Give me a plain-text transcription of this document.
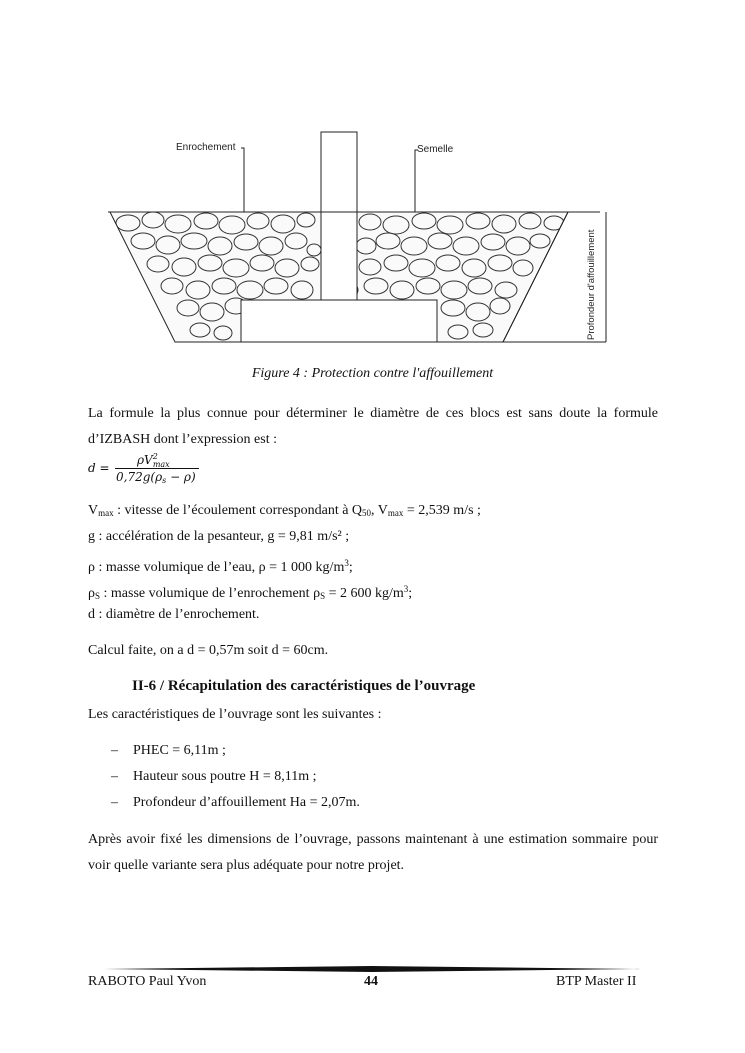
Enrochement	Semelle
Profondeur d'affouillement
Figure 4 : Protection contre l'affouillement
La formule la plus connue pour déterminer le diamètre de ces blocs est sans doute la formule d’IZBASH dont l’expression est :
d =
$\rho V^2_{max}$
$0,72g(\rho_s - \rho)$
$V_{max}$ : vitesse de l’écoulement correspondant à $Q_{50}$, $V_{max} = 2,539$ m/s ;
g : accélération de la pesanteur, g = 9,81 m/s² ;
ρ : masse volumique de l’eau, ρ = 1 000 $kg/m^3$;
$\rho_S$ : masse volumique de l’enrochement $\rho_S = 2$ 600 $kg/m^3$;
d : diamètre de l’enrochement.
Calcul faite, on a d = 0,57m soit d = 60cm.
II-6 / Récapitulation des caractéristiques de l’ouvrage
Les caractéristiques de l’ouvrage sont les suivantes :
– PHEC = 6,11m ;
– Hauteur sous poutre H = 8,11m ;
– Profondeur d’affouillement Ha = 2,07m.
Après avoir fixé les dimensions de l’ouvrage, passons maintenant à une estimation sommaire pour voir quelle variante sera plus adéquate pour notre projet.
RABOTO Paul Yvon	44	BTP Master II
